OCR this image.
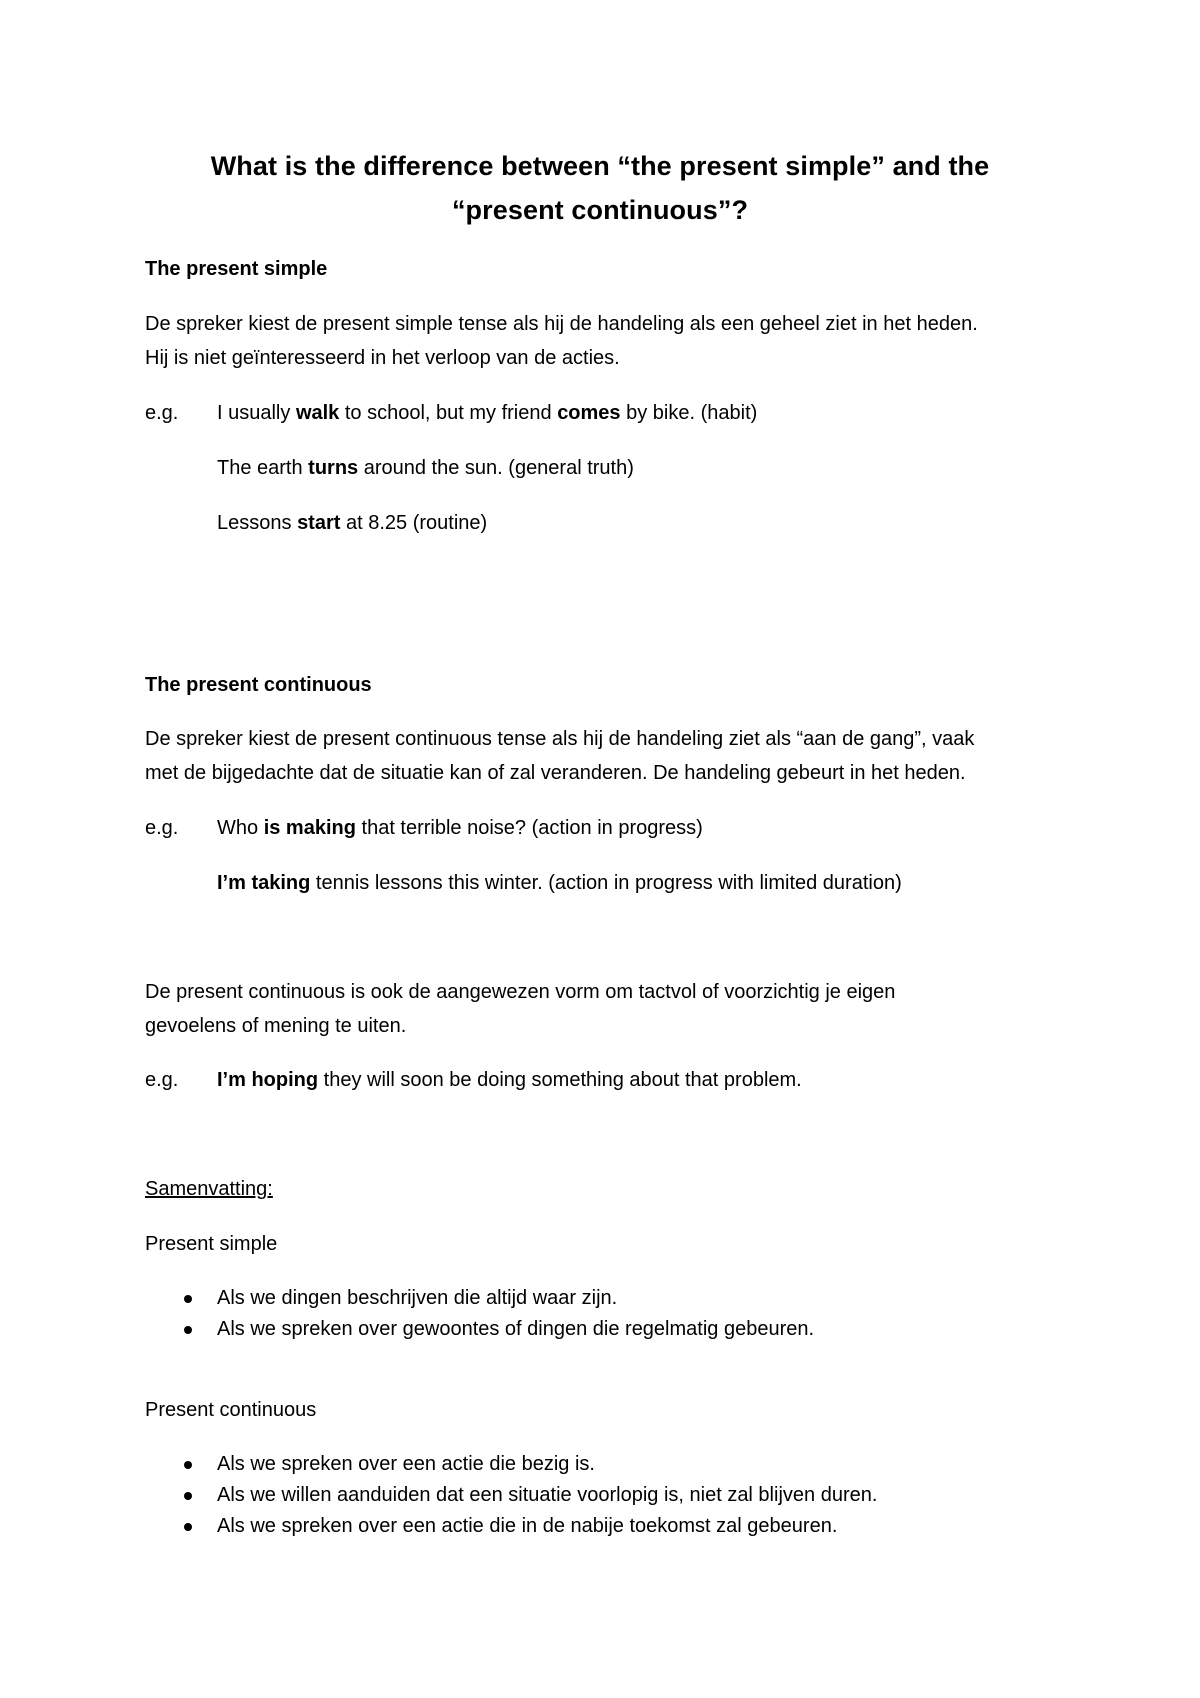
What is the difference between “the present simple” and the
“present continuous”?
The present simple
De spreker kiest de present simple tense als hij de handeling als een geheel ziet in het heden.
Hij is niet geïnteresseerd in het verloop van de acties.
e.g. I usually walk to school, but my friend comes by bike. (habit)
The earth turns around the sun. (general truth)
Lessons start at 8.25 (routine)
The present continuous
De spreker kiest de present continuous tense als hij de handeling ziet als “aan de gang”, vaak
met de bijgedachte dat de situatie kan of zal veranderen. De handeling gebeurt in het heden.
e.g. Who is making that terrible noise? (action in progress)
I’m taking tennis lessons this winter. (action in progress with limited duration)
De present continuous is ook de aangewezen vorm om tactvol of voorzichtig je eigen
gevoelens of mening te uiten.
e.g. I’m hoping they will soon be doing something about that problem.
Samenvatting:
Present simple
Als we dingen beschrijven die altijd waar zijn.
Als we spreken over gewoontes of dingen die regelmatig gebeuren.
Present continuous
Als we spreken over een actie die bezig is.
Als we willen aanduiden dat een situatie voorlopig is, niet zal blijven duren.
Als we spreken over een actie die in de nabije toekomst zal gebeuren.
